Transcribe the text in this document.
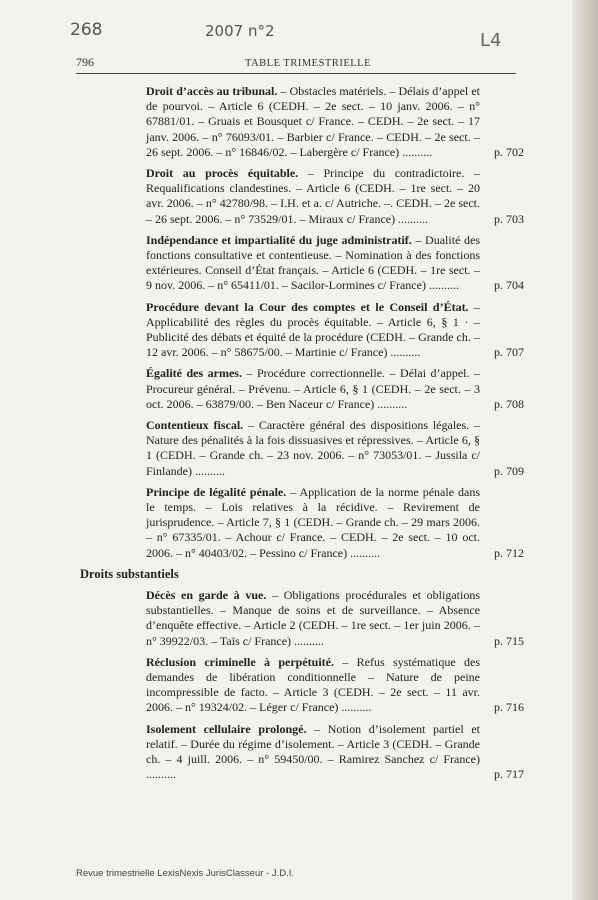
268	2007 n°2	L4
796	TABLE TRIMESTRIELLE

Droit d’accès au tribunal. – Obstacles matériels. – Délais d’appel et de pourvoi. – Article 6 (CEDH. – 2e sect. – 10 janv. 2006. – n° 67881/01. – Gruais et Bousquet c/ France. – CEDH. – 2e sect. – 17 janv. 2006. – n° 76093/01. – Barbier c/ France. – CEDH. – 2e sect. – 26 sept. 2006. – n° 16846/02. – Labergère c/ France) ..........	p. 702

Droit au procès équitable. – Principe du contradictoire. – Requalifications clandestines. – Article 6 (CEDH. – 1re sect. – 20 avr. 2006. – n° 42780/98. – I.H. et a. c/ Autriche. –. CEDH. – 2e sect. – 26 sept. 2006. – n° 73529/01. – Miraux c/ France) ..........	p. 703

Indépendance et impartialité du juge administratif. – Dualité des fonctions consultative et contentieuse. – Nomination à des fonctions extérieures. Conseil d’État français. – Article 6 (CEDH. – 1re sect. – 9 nov. 2006. – n° 65411/01. – Sacilor-Lormines c/ France) ..........	p. 704

Procédure devant la Cour des comptes et le Conseil d’État. – Applicabilité des règles du procès équitable. – Article 6, § 1 · – Publicité des débats et équité de la procédure (CEDH. – Grande ch. – 12 avr. 2006. – n° 58675/00. – Martinie c/ France) ..........	p. 707

Égalité des armes. – Procédure correctionnelle. – Délai d’appel. – Procureur général. – Prévenu. – Article 6, § 1 (CEDH. – 2e sect. – 3 oct. 2006. – 63879/00. – Ben Naceur c/ France) ..........	p. 708

Contentieux fiscal. – Caractère général des dispositions légales. – Nature des pénalités à la fois dissuasives et répressives. – Article 6, § 1 (CEDH. – Grande ch. – 23 nov. 2006. – n° 73053/01. – Jussila c/ Finlande) ..........	p. 709

Principe de légalité pénale. – Application de la norme pénale dans le temps. – Lois relatives à la récidive. – Revirement de jurisprudence. – Article 7, § 1 (CEDH. – Grande ch. – 29 mars 2006. – n° 67335/01. – Achour c/ France. – CEDH. – 2e sect. – 10 oct. 2006. – n° 40403/02. – Pessino c/ France) ..........	p. 712
Droits substantiels

Décès en garde à vue. – Obligations procédurales et obligations substantielles. – Manque de soins et de surveillance. – Absence d’enquête effective. – Article 2 (CEDH. – 1re sect. – 1er juin 2006. – n° 39922/03. – Taïs c/ France) ..........	p. 715

Réclusion criminelle à perpétuité. – Refus systématique des demandes de libération conditionnelle – Nature de peine incompressible de facto. – Article 3 (CEDH. – 2e sect. – 11 avr. 2006. – n° 19324/02. – Léger c/ France) ..........	p. 716

Isolement cellulaire prolongé. – Notion d’isolement partiel et relatif. – Durée du régime d’isolement. – Article 3 (CEDH. – Grande ch. – 4 juill. 2006. – n° 59450/00. – Ramirez Sanchez c/ France) ..........	p. 717
Revue trimestrielle LexisNexis JurisClasseur - J.D.I.
